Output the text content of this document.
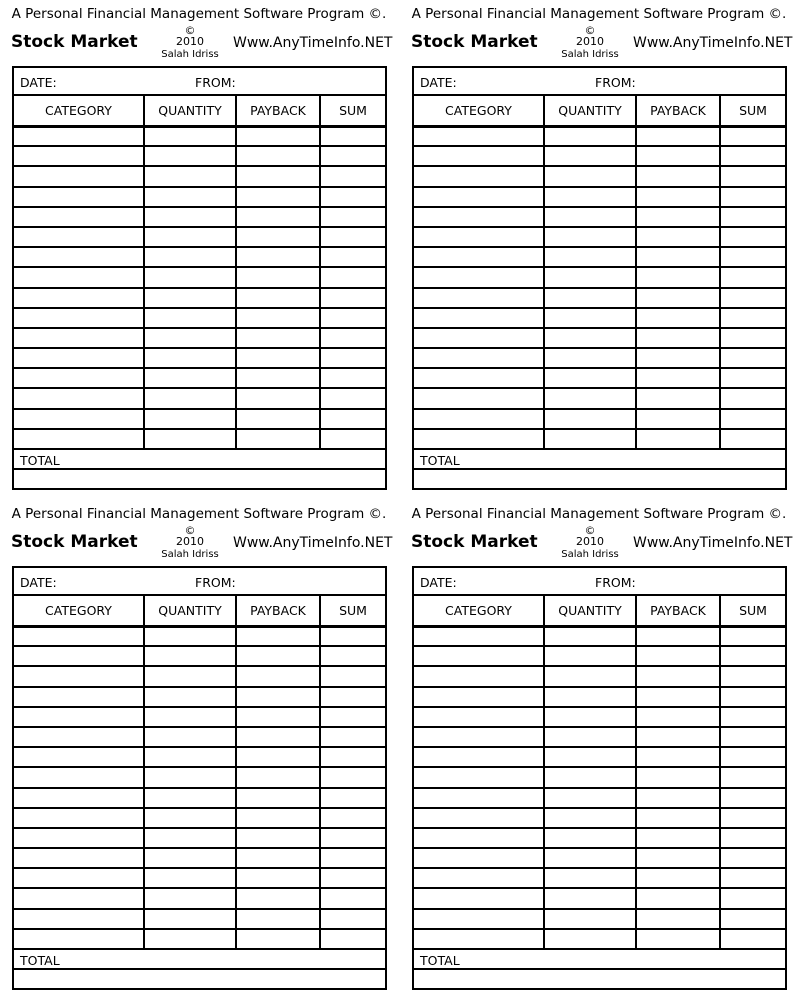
A Personal Financial Management Software Program ©.
Stock Market
©
2010
Salah Idriss
Www.AnyTimeInfo.NET
DATE:	FROM:
CATEGORY	QUANTITY	PAYBACK	SUM

TOTAL
A Personal Financial Management Software Program ©.
Stock Market
©
2010
Salah Idriss
Www.AnyTimeInfo.NET
DATE:	FROM:
CATEGORY	QUANTITY	PAYBACK	SUM

TOTAL
A Personal Financial Management Software Program ©.
Stock Market
©
2010
Salah Idriss
Www.AnyTimeInfo.NET
DATE:	FROM:
CATEGORY	QUANTITY	PAYBACK	SUM

TOTAL
A Personal Financial Management Software Program ©.
Stock Market
©
2010
Salah Idriss
Www.AnyTimeInfo.NET
DATE:	FROM:
CATEGORY	QUANTITY	PAYBACK	SUM

TOTAL
